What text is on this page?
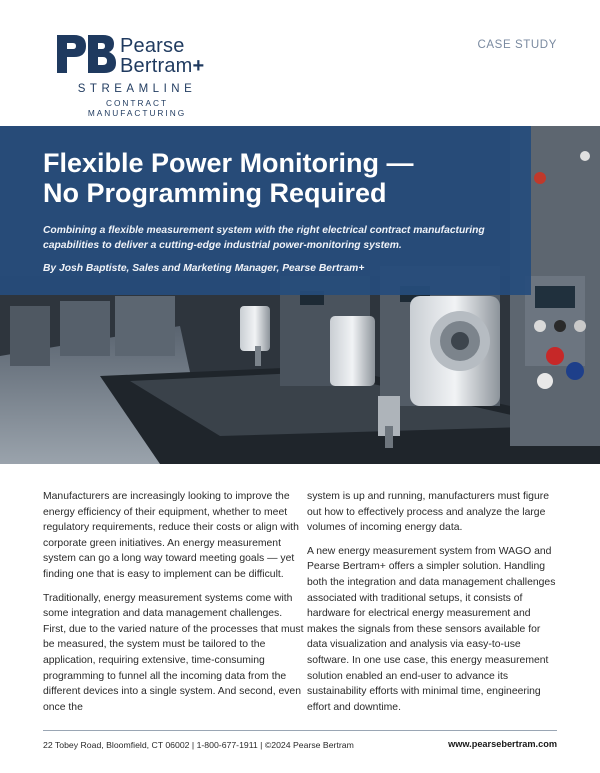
Pearse
Bertram+
STREAMLINE
CONTRACT MANUFACTURING
CASE STUDY
Flexible Power Monitoring —
No Programming Required
Combining a flexible measurement system with the right electrical contract manufacturing capabilities to deliver a cutting-edge industrial power-monitoring system.
By Josh Baptiste, Sales and Marketing Manager, Pearse Bertram+

Manufacturers are increasingly looking to improve the energy efficiency of their equipment, whether to meet regulatory requirements, reduce their costs or align with corporate green initiatives. An energy measurement system can go a long way toward meeting goals — yet finding one that is easy to implement can be difficult.

Traditionally, energy measurement systems come with some integration and data management challenges. First, due to the varied nature of the processes that must be measured, the system must be tailored to the application, requiring extensive, time-consuming programming to funnel all the incoming data from the different devices into a single system. And second, even once the

system is up and running, manufacturers must figure out how to effectively process and analyze the large volumes of incoming energy data.

A new energy measurement system from WAGO and Pearse Bertram+ offers a simpler solution. Handling both the integration and data management challenges associated with traditional setups, it consists of hardware for electrical energy measurement and makes the signals from these sensors available for data visualization and analysis via easy-to-use software. In one use case, this energy measurement solution enabled an end-user to advance its sustainability efforts with minimal time, engineering effort and downtime.

22 Tobey Road, Bloomfield, CT 06002 | 1-800-677-1911 | ©2024 Pearse Bertram	www.pearsebertram.com
